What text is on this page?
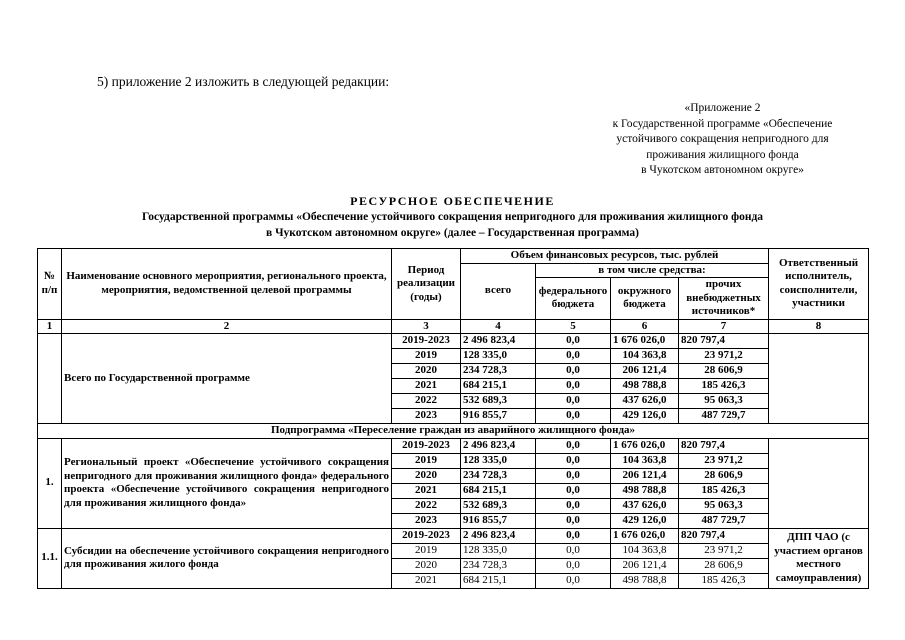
5) приложение 2 изложить в следующей редакции:
«Приложение 2
к Государственной программе «Обеспечение
устойчивого сокращения непригодного для
проживания жилищного фонда
в Чукотском автономном округе»
РЕСУРСНОЕ ОБЕСПЕЧЕНИЕ
Государственной программы «Обеспечение устойчивого сокращения непригодного для проживания жилищного фонда
в Чукотском автономном округе» (далее – Государственная программа)
№ п/п	Наименование основного мероприятия, регионального проекта, мероприятия, ведомственной целевой программы	Период реализации (годы)	Объем финансовых ресурсов, тыс. рублей				Ответственный исполнитель, соисполнители, участники
			всего	в том числе средства:			
				федерального бюджета	окружного бюджета	прочих внебюджетных источников*	
1	2	3	4	5	6	7	8
	Всего по Государственной программе	2019-2023	2 496 823,4	0,0	1 676 026,0	820 797,4	
		2019	128 335,0	0,0	104 363,8	23 971,2	
		2020	234 728,3	0,0	206 121,4	28 606,9	
		2021	684 215,1	0,0	498 788,8	185 426,3	
		2022	532 689,3	0,0	437 626,0	95 063,3	
		2023	916 855,7	0,0	429 126,0	487 729,7	
Подпрограмма «Переселение граждан из аварийного жилищного фонда»							
1.	Региональный проект «Обеспечение устойчивого сокращения непригодного для проживания жилищного фонда» федерального проекта «Обеспечение устойчивого сокращения непригодного для проживания жилищного фонда»	2019-2023	2 496 823,4	0,0	1 676 026,0	820 797,4	
		2019	128 335,0	0,0	104 363,8	23 971,2	
		2020	234 728,3	0,0	206 121,4	28 606,9	
		2021	684 215,1	0,0	498 788,8	185 426,3	
		2022	532 689,3	0,0	437 626,0	95 063,3	
		2023	916 855,7	0,0	429 126,0	487 729,7	
1.1.	Субсидии на обеспечение устойчивого сокращения непригодного для проживания жилого фонда	2019-2023	2 496 823,4	0,0	1 676 026,0	820 797,4	ДПП ЧАО (с участием органов местного самоуправления)
		2019	128 335,0	0,0	104 363,8	23 971,2	
		2020	234 728,3	0,0	206 121,4	28 606,9	
		2021	684 215,1	0,0	498 788,8	185 426,3	
